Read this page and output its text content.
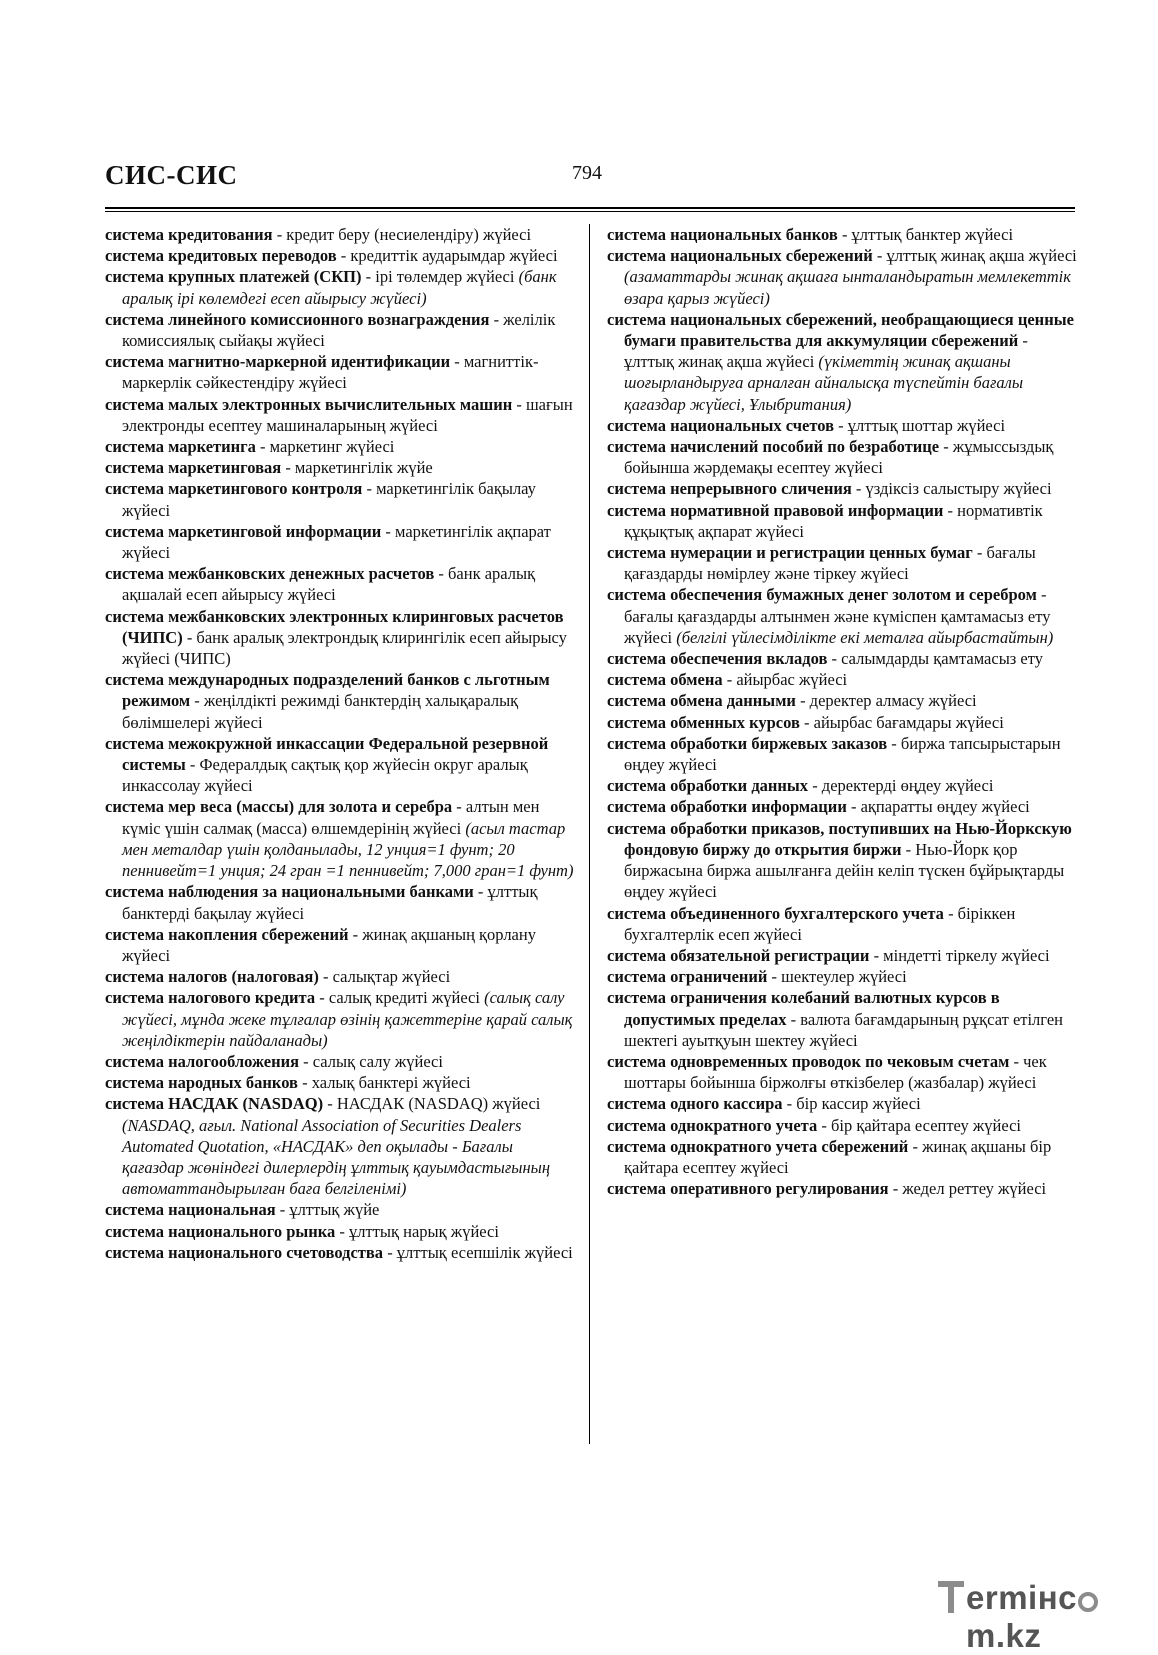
СИС-СИС	794

система кредитования - кредит беру (несиелендіру) жүйесі

система кредитовых переводов - кредиттік аударымдар жүйесі

система крупных платежей (СКП) - ірі төлемдер жүйесі (банк аралық ірі көлемдегі есеп айырысу жүйесі)

система линейного комиссионного вознаграждения - желілік комиссиялық сыйақы жүйесі

система магнитно-маркерной идентификации - магниттік-маркерлік сәйкестендіру жүйесі

система малых электронных вычислительных машин - шағын электронды есептеу машиналарының жүйесі

система маркетинга - маркетинг жүйесі

система маркетинговая - маркетингілік жүйе

система маркетингового контроля - маркетингілік бақылау жүйесі

система маркетинговой информации - маркетингілік ақпарат жүйесі

система межбанковских денежных расчетов - банк аралық ақшалай есеп айырысу жүйесі

система межбанковских электронных клиринговых расчетов (ЧИПС) - банк аралық электрондық клирингілік есеп айырысу жүйесі (ЧИПС)

система международных подразделений банков с льготным режимом - жеңілдікті режимді банктердің халықаралық бөлімшелері жүйесі

система межокружной инкассации Федеральной резервной системы - Федералдық сақтық қор жүйесін округ аралық инкассолау жүйесі

система мер веса (массы) для золота и серебра - алтын мен күміс үшін салмақ (масса) өлшемдерінің жүйесі (асыл тастар мен металдар үшін қолданылады, 12 унция=1 фунт; 20 пеннивейт=1 унция; 24 гран =1 пеннивейт; 7,000 гран=1 фунт)

система наблюдения за национальными банками - ұлттық банктерді бақылау жүйесі

система накопления сбережений - жинақ ақшаның қорлану жүйесі

система налогов (налоговая) - салықтар жүйесі

система налогового кредита - салық кредиті жүйесі (салық салу жүйесі, мұнда жеке тұлғалар өзінің қажеттеріне қарай салық жеңілдіктерін пайдаланады)

система налогообложения - салық салу жүйесі

система народных банков - халық банктері жүйесі

система НАСДАК (NASDAQ) - НАСДАК (NASDAQ) жүйесі (NASDAQ, ағыл. National Association of Securities Dealers Automated Quotation, «НАСДАК» деп оқылады - Бағалы қағаздар жөніндегі дилерлердің ұлттық қауымдастығының автоматтандырылған баға белгіленімі)

система национальная - ұлттық жүйе

система национального рынка - ұлттық нарық жүйесі

система национального счетоводства - ұлттық есепшілік жүйесі

система национальных банков - ұлттық банктер жүйесі

система национальных сбережений - ұлттық жинақ ақша жүйесі (азаматтарды жинақ ақшаға ынталандыратын мемлекеттік өзара қарыз жүйесі)

система национальных сбережений, необращающиеся ценные бумаги правительства для аккумуляции сбережений - ұлттық жинақ ақша жүйесі (үкіметтің жинақ ақшаны шоғырландыруға арналған айналысқа түспейтін бағалы қағаздар жүйесі, Ұлыбритания)

система национальных счетов - ұлттық шоттар жүйесі

система начислений пособий по безработице - жұмыссыздық бойынша жәрдемақы есептеу жүйесі

система непрерывного сличения - үздіксіз салыстыру жүйесі

система нормативной правовой информации - нормативтік құқықтық ақпарат жүйесі

система нумерации и регистрации ценных бумаг - бағалы қағаздарды нөмірлеу және тіркеу жүйесі

система обеспечения бумажных денег золотом и серебром - бағалы қағаздарды алтынмен және күміспен қамтамасыз ету жүйесі (белгілі үйлесімділікте екі металға айырбастайтын)

система обеспечения вкладов - салымдарды қамтамасыз ету

система обмена - айырбас жүйесі

система обмена данными - деректер алмасу жүйесі

система обменных курсов - айырбас бағамдары жүйесі

система обработки биржевых заказов - биржа тапсырыстарын өңдеу жүйесі

система обработки данных - деректерді өңдеу жүйесі

система обработки информации - ақпаратты өңдеу жүйесі

система обработки приказов, поступивших на Нью-Йоркскую фондовую биржу до открытия биржи - Нью-Йорк қор биржасына биржа ашылғанға дейін келіп түскен бұйрықтарды өңдеу жүйесі

система объединенного бухгалтерского учета - біріккен бухгалтерлік есеп жүйесі

система обязательной регистрации - міндетті тіркелу жүйесі

система ограничений - шектеулер жүйесі

система ограничения колебаний валютных курсов в допустимых пределах - валюта бағамдарының рұқсат етілген шектегі ауытқуын шектеу жүйесі

система одновременных проводок по чековым счетам - чек шоттары бойынша біржолғы өткізбелер (жазбалар) жүйесі

система одного кассира - бір кассир жүйесі

система однократного учета - бір қайтара есептеу жүйесі

система однократного учета сбережений - жинақ ақшаны бір қайтара есептеу жүйесі

система оперативного регулирования - жедел реттеу жүйесі

ermінcm.kz
